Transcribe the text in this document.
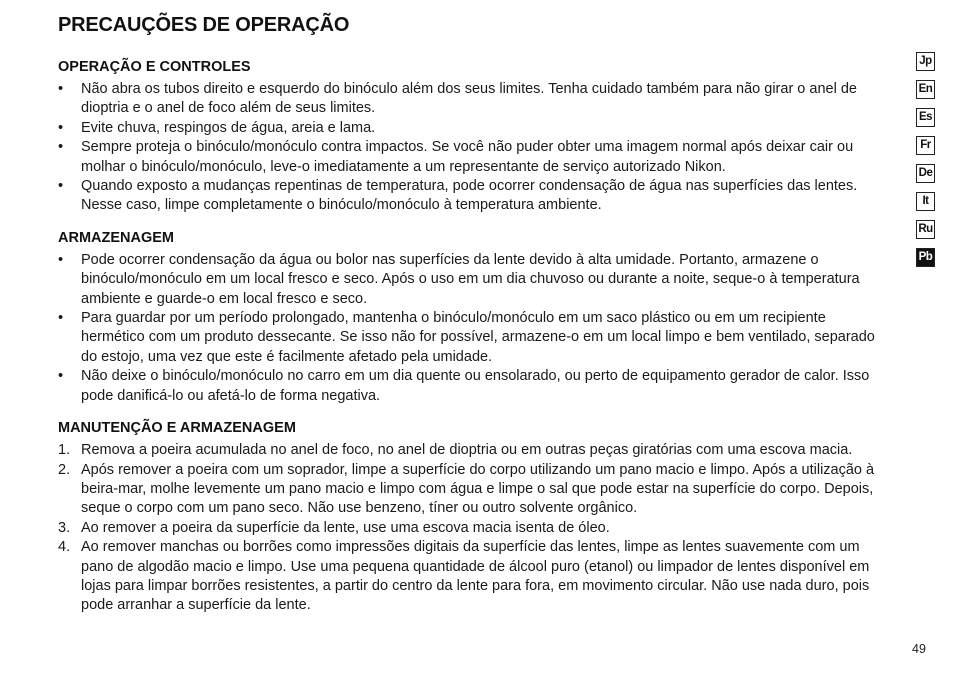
PRECAUÇÕES DE OPERAÇÃO
OPERAÇÃO E CONTROLES
• Não abra os tubos direito e esquerdo do binóculo além dos seus limites. Tenha cuidado também para não girar o anel de dioptria e o anel de foco além de seus limites.
• Evite chuva, respingos de água, areia e lama.
• Sempre proteja o binóculo/monóculo contra impactos. Se você não puder obter uma imagem normal após deixar cair ou molhar o binóculo/monóculo, leve-o imediatamente a um representante de serviço autorizado Nikon.
• Quando exposto a mudanças repentinas de temperatura, pode ocorrer condensação de água nas superfícies das lentes. Nesse caso, limpe completamente o binóculo/monóculo à temperatura ambiente.
ARMAZENAGEM
• Pode ocorrer condensação da água ou bolor nas superfícies da lente devido à alta umidade. Portanto, armazene o binóculo/monóculo em um local fresco e seco. Após o uso em um dia chuvoso ou durante a noite, seque-o à temperatura ambiente e guarde-o em local fresco e seco.
• Para guardar por um período prolongado, mantenha o binóculo/monóculo em um saco plástico ou em um recipiente hermético com um produto dessecante. Se isso não for possível, armazene-o em um local limpo e bem ventilado, separado do estojo, uma vez que este é facilmente afetado pela umidade.
• Não deixe o binóculo/monóculo no carro em um dia quente ou ensolarado, ou perto de equipamento gerador de calor. Isso pode danificá-lo ou afetá-lo de forma negativa.
MANUTENÇÃO E ARMAZENAGEM
1. Remova a poeira acumulada no anel de foco, no anel de dioptria ou em outras peças giratórias com uma escova macia.
2. Após remover a poeira com um soprador, limpe a superfície do corpo utilizando um pano macio e limpo. Após a utilização à beira-mar, molhe levemente um pano macio e limpo com água e limpe o sal que pode estar na superfície do corpo. Depois, seque o corpo com um pano seco. Não use benzeno, tíner ou outro solvente orgânico.
3. Ao remover a poeira da superfície da lente, use uma escova macia isenta de óleo.
4. Ao remover manchas ou borrões como impressões digitais da superfície das lentes, limpe as lentes suavemente com um pano de algodão macio e limpo. Use uma pequena quantidade de álcool puro (etanol) ou limpador de lentes disponível em lojas para limpar borrões resistentes, a partir do centro da lente para fora, em movimento circular. Não use nada duro, pois pode arranhar a superfície da lente.
Jp
En
Es
Fr
De
It
Ru
Pb
49
